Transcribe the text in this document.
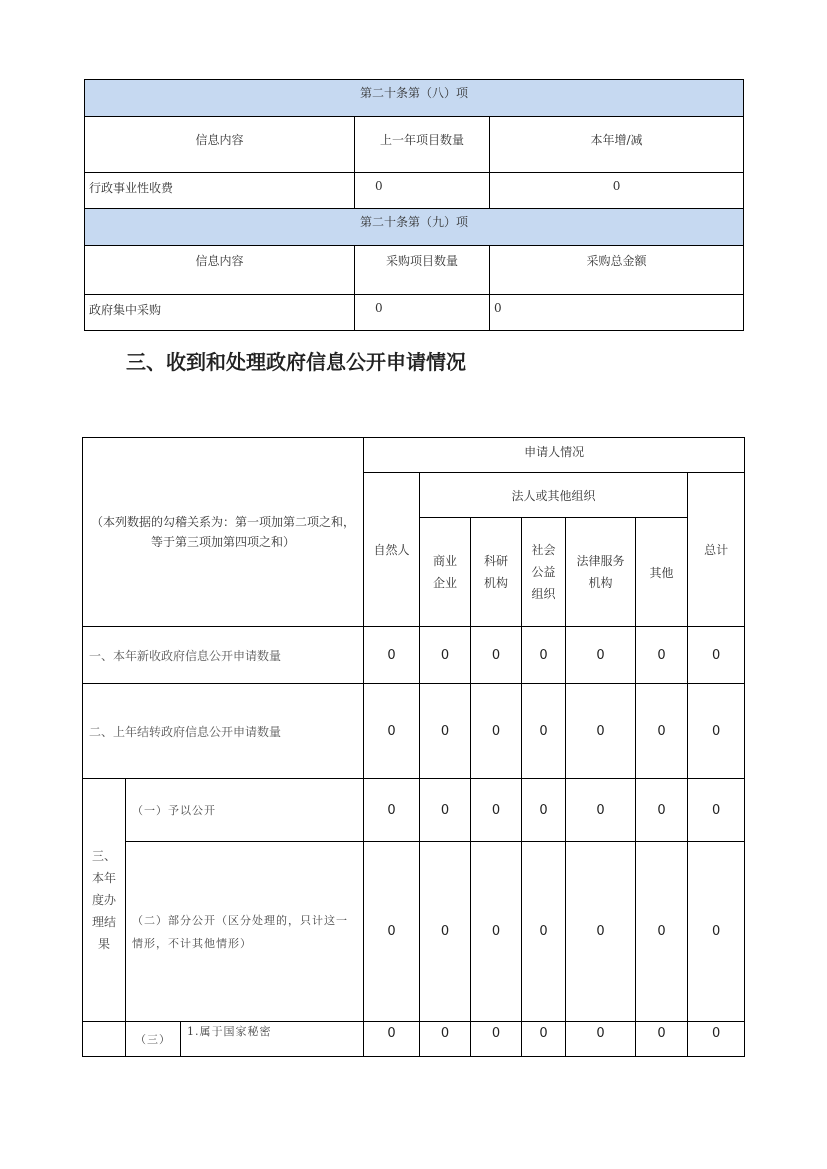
第二十条第（八）项		
信息内容	上一年项目数量	本年增/减
行政事业性收费	0	0
第二十条第（九）项		
信息内容	采购项目数量	采购总金额
政府集中采购	0	0
三、收到和处理政府信息公开申请情况
（本列数据的勾稽关系为：第一项加第二项之和，等于第三项加第四项之和）			申请人情况						
			自然人	法人或其他组织					总计
				商业企业	科研机构	社会公益组织	法律服务机构	其他	
一、本年新收政府信息公开申请数量			0	0	0	0	0	0	0
二、上年结转政府信息公开申请数量			0	0	0	0	0	0	0
三、本年度办理结果	（一）予以公开		0	0	0	0	0	0	0
	（二）部分公开（区分处理的，只计这一情形，不计其他情形）		0	0	0	0	0	0	0
	（三）	1.属于国家秘密	0	0	0	0	0	0	0
